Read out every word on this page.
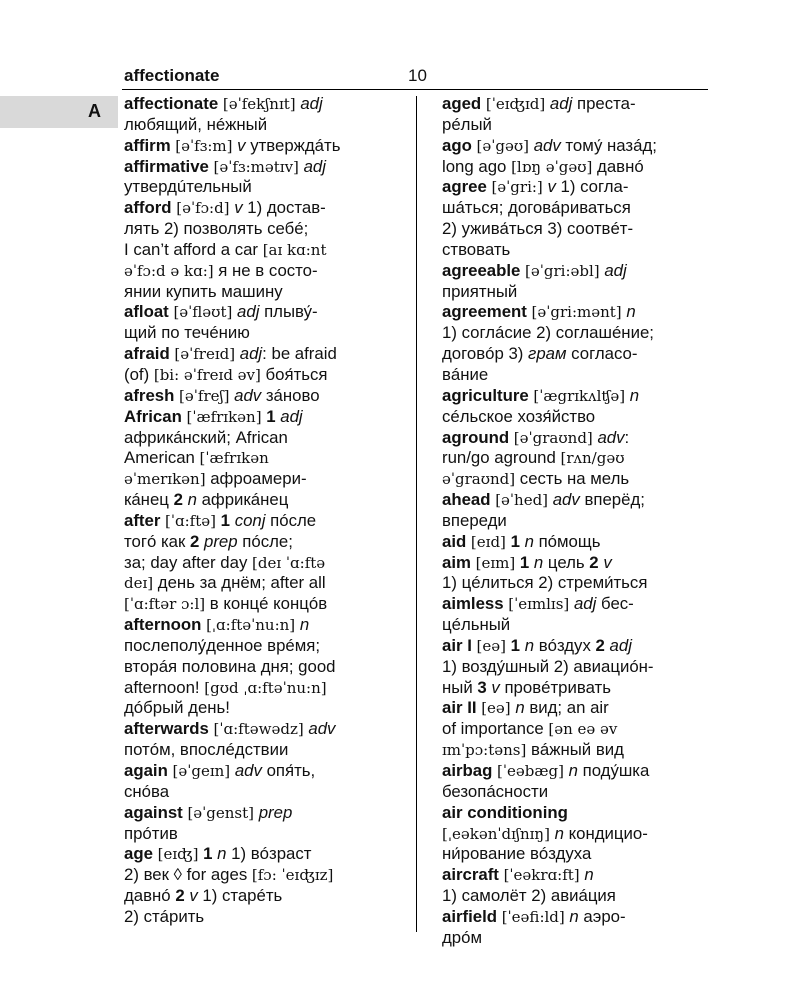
affectionate	10
A affectionate [əˈfekʃnɪt] adj
любящий, нéжный
affirm [əˈfɜ:m] v утверждáть
affirmative [əˈfɜ:mətɪv] adj
утвердúтельный
afford [əˈfɔ:d] v 1) достав-
лять 2) позволять себé;
I can’t afford a car [aɪ kɑ:nt
əˈfɔ:d ə kɑ:] я не в состо-
янии купить машину
afloat [əˈfləʊt] adj плыву́-
щий по течéнию
afraid [əˈfreɪd] adj: be afraid
(of) [bi: əˈfreɪd əv] боя́ться
afresh [əˈfreʃ] adv зáново
African [ˈæfrɪkən] 1 adj
африкáнский; African
American [ˈæfrɪkən
əˈmerɪkən] афроамери-
кáнец 2 n африкáнец
after [ˈɑ:ftə] 1 conj пóсле
тогó как 2 prep пóсле;
за; day after day [deɪ ˈɑ:ftə
deɪ] день за днём; after all
[ˈɑ:ftər ɔ:l] в концé концóв
afternoon [ˌɑ:ftəˈnu:n] n
послеполу́денное врéмя;
вторáя половина дня; good
afternoon! [gʊd ˌɑ:ftəˈnu:n]
дóбрый день!
afterwards [ˈɑ:ftəwədz] adv
потóм, впослéдствии
again [əˈgeɪn] adv опя́ть,
снóва
against [əˈgenst] prep
прóтив
age [eɪʤ] 1 n 1) вóзраст
2) век ◊ for ages [fɔ: ˈeɪʤɪz]
давнó 2 v 1) старéть
2) стáрить
aged [ˈeɪʤɪd] adj преста-
рéлый
ago [əˈgəʊ] adv тому́ назáд;
long ago [lɒŋ əˈgəʊ] давнó
agree [əˈgri:] v 1) соглa-
шáться; договáриваться
2) ужива́ться 3) соотвéт-
ствовать
agreeable [əˈgri:əbl] adj
приятный
agreement [əˈgri:mənt] n
1) соглáсие 2) соглашéние;
договóр 3) грам соглaсо-
вáние
agriculture [ˈægrɪkʌlʧə] n
сéльское хозя́йство
aground [əˈgraʊnd] adv:
run/go aground [rʌn/gəʊ
əˈgraʊnd] сесть на мель
ahead [əˈhed] adv вперёд;
впереди
aid [eɪd] 1 n пóмощь
aim [eɪm] 1 n цель 2 v
1) цéлиться 2) стреми́ться
aimless [ˈeɪmlɪs] adj бес-
цéльный
air I [eə] 1 n вóздух 2 adj
1) возду́шный 2) авиациóн-
ный 3 v провéтривать
air II [eə] n вид; an air
of importance [ən eə əv
ɪmˈpɔ:təns] вáжный вид
airbag [ˈeəbæg] n поду́шка
безопáсности
air conditioning
[ˌeəkənˈdɪʃnɪŋ] n кондицио-
ни́рование вóздуха
aircraft [ˈeəkrɑ:ft] n
1) самолёт 2) авиáция
airfield [ˈeəfi:ld] n аэро-
дрóм
